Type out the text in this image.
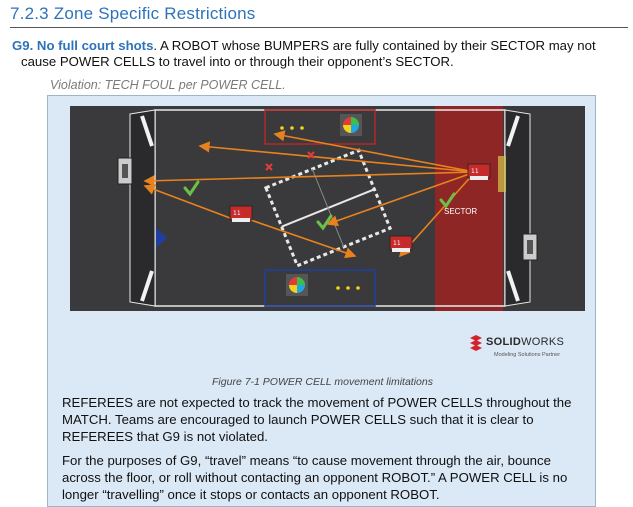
7.2.3 Zone Specific Restrictions
G9. No full court shots. A ROBOT whose BUMPERS are fully contained by their SECTOR may not
cause POWER CELLS to travel into or through their opponent’s SECTOR.
Violation: TECH FOUL per POWER CELL.
11
11
11
SECTOR
SOLIDWORKS
Modeling Solutions Partner
Figure 7-1 POWER CELL movement limitations
REFEREES are not expected to track the movement of POWER CELLS throughout the MATCH. Teams are encouraged to launch POWER CELLS such that it is clear to REFEREES that G9 is not violated.
For the purposes of G9, “travel” means “to cause movement through the air, bounce across the floor, or roll without contacting an opponent ROBOT.” A POWER CELL is no longer “travelling” once it stops or contacts an opponent ROBOT.
